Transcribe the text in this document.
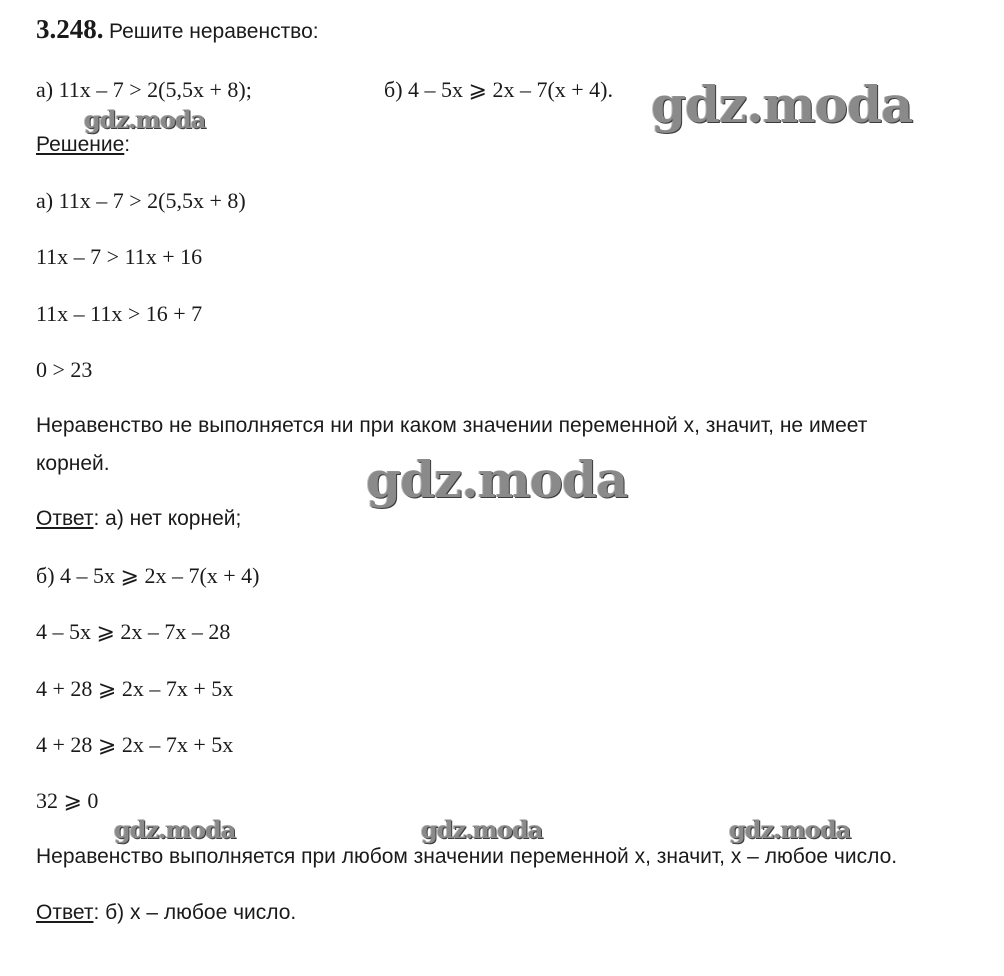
3.248. Решите неравенство:
а) 11x – 7 > 2(5,5x + 8);	б) 4 – 5x ⩾ 2x – 7(x + 4).
Решение:
а) 11x – 7 > 2(5,5x + 8)
11x – 7 > 11x + 16
11x – 11x > 16 + 7
0 > 23
Неравенство не выполняется ни при каком значении переменной x, значит, не имеет
корней.
Ответ: а) нет корней;
б) 4 – 5x ⩾ 2x – 7(x + 4)
4 – 5x ⩾ 2x – 7x – 28
4 + 28 ⩾ 2x – 7x + 5x
4 + 28 ⩾ 2x – 7x + 5x
32 ⩾ 0
Неравенство выполняется при любом значении переменной x, значит, x – любое число.
Ответ: б) x – любое число.
gdz.moda
gdz.moda
gdz.moda
gdz.moda	gdz.moda	gdz.moda
